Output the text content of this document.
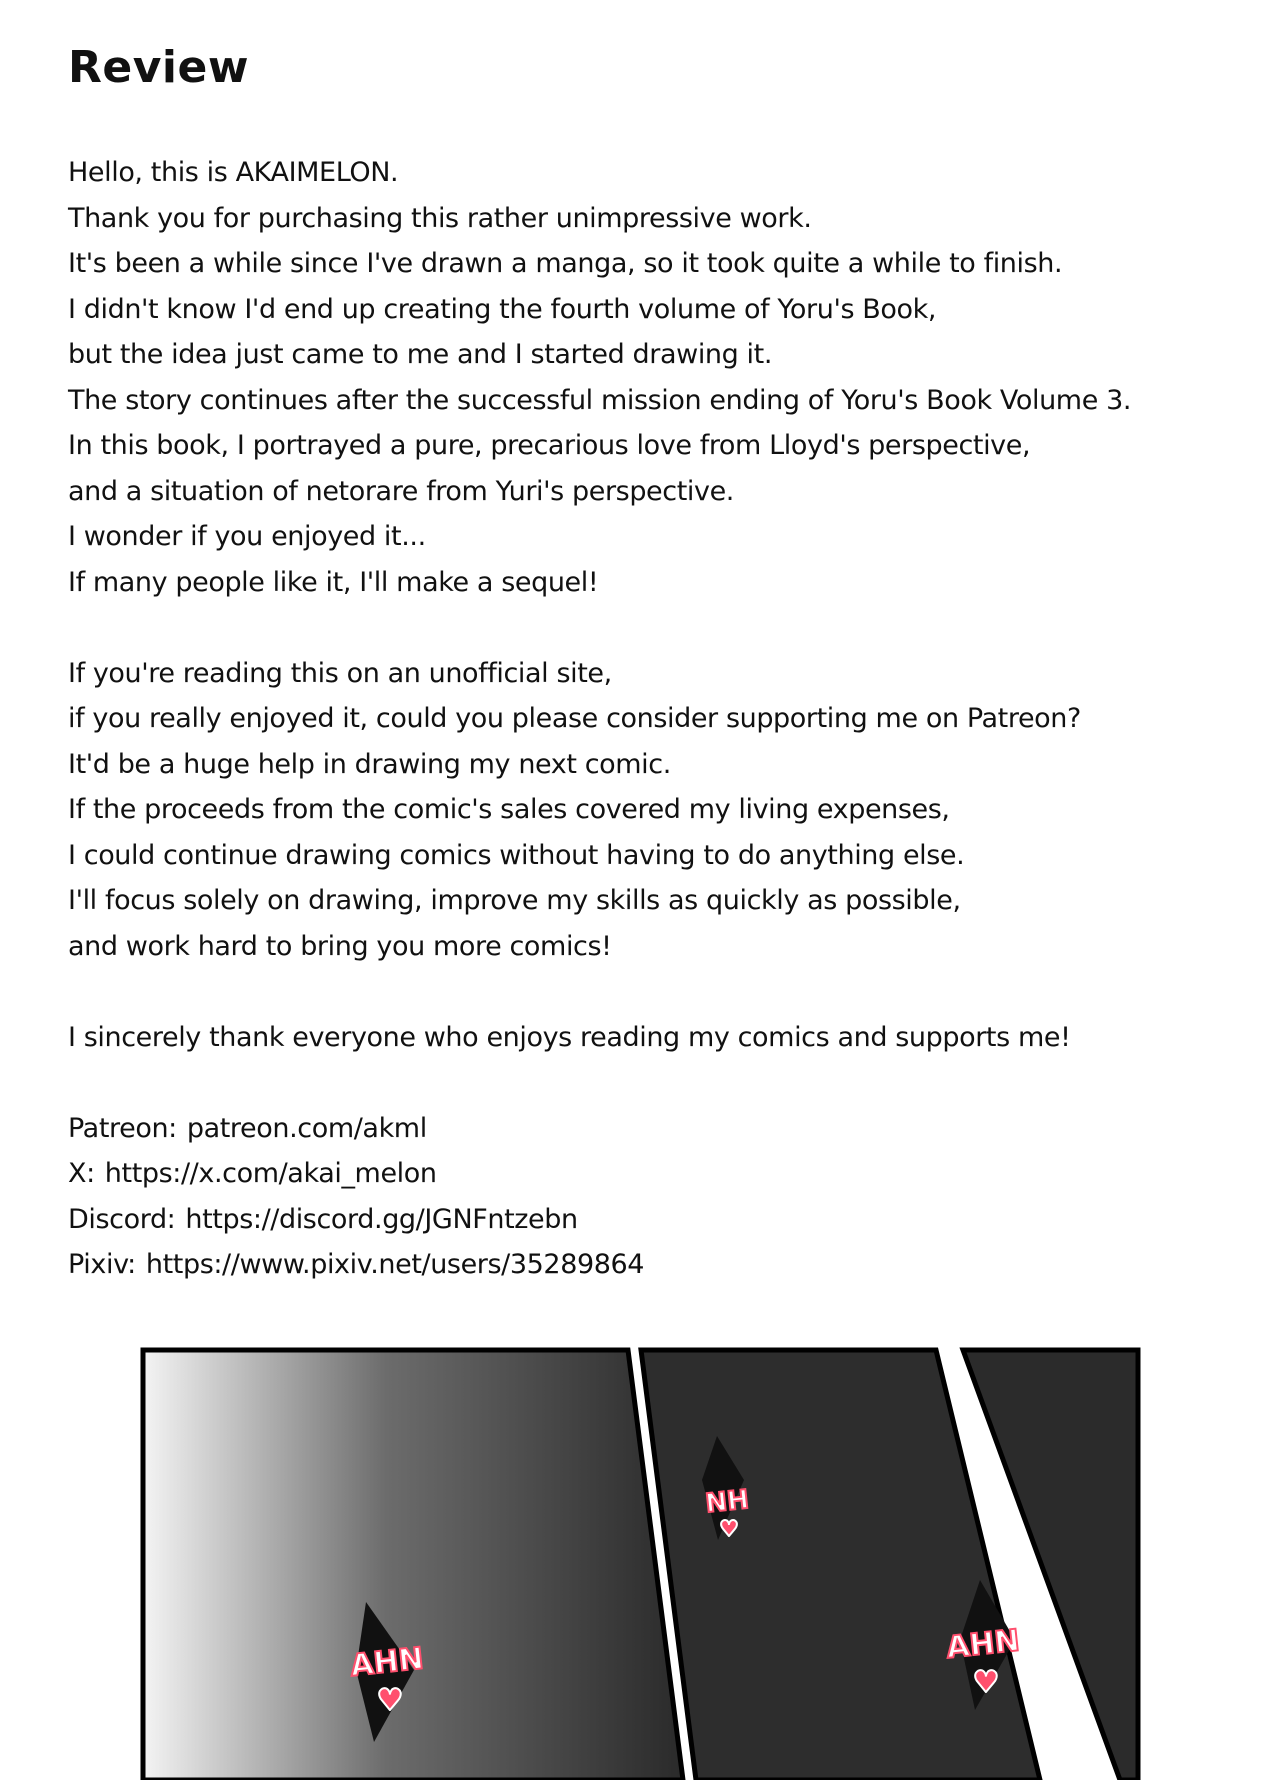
Review
Hello, this is AKAIMELON.
Thank you for purchasing this rather unimpressive work.
It's been a while since I've drawn a manga, so it took quite a while to finish.
I didn't know I'd end up creating the fourth volume of Yoru's Book,
but the idea just came to me and I started drawing it.
The story continues after the successful mission ending of Yoru's Book Volume 3.
In this book, I portrayed a pure, precarious love from Lloyd's perspective,
and a situation of netorare from Yuri's perspective.
I wonder if you enjoyed it...
If many people like it, I'll make a sequel!
If you're reading this on an unofficial site,
if you really enjoyed it, could you please consider supporting me on Patreon?
It'd be a huge help in drawing my next comic.
If the proceeds from the comic's sales covered my living expenses,
I could continue drawing comics without having to do anything else.
I'll focus solely on drawing, improve my skills as quickly as possible,
and work hard to bring you more comics!
I sincerely thank everyone who enjoys reading my comics and supports me!
Patreon: patreon.com/akml
X: https://x.com/akai_melon
Discord: https://discord.gg/JGNFntzebn
Pixiv: https://www.pixiv.net/users/35289864
AHN
♥
NH
♥
AHN
♥
